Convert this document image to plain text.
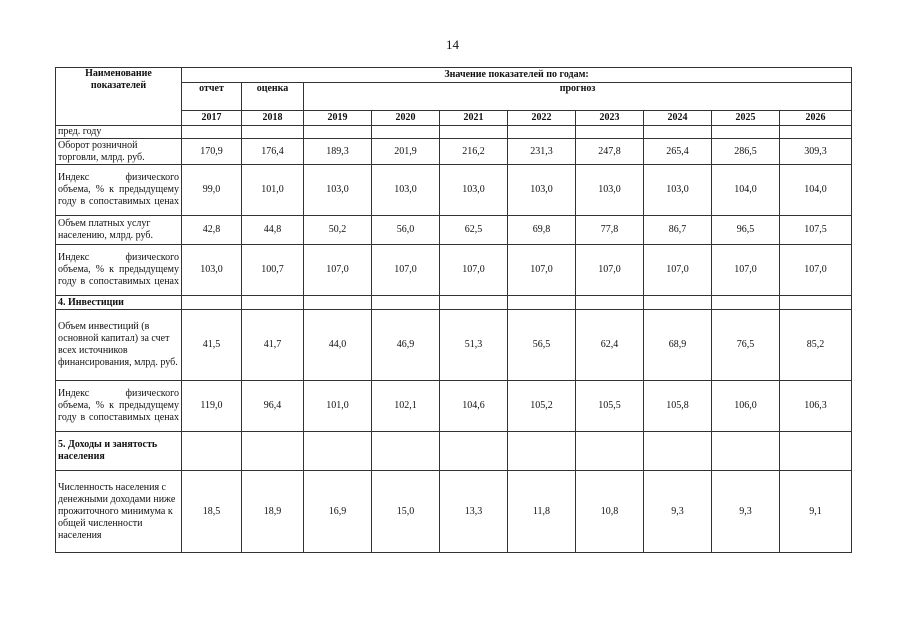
14
Наименование показателей	Значение показателей по годам:									
	отчет	оценка	прогноз							
	2017	2018	2019	2020	2021	2022	2023	2024	2025	2026
пред. году										
Оборот розничной торговли, млрд. руб.	170,9	176,4	189,3	201,9	216,2	231,3	247,8	265,4	286,5	309,3
Индекс физического объема, % к предыдущему году в сопоставимых ценах	99,0	101,0	103,0	103,0	103,0	103,0	103,0	103,0	104,0	104,0
Объем платных услуг населению, млрд. руб.	42,8	44,8	50,2	56,0	62,5	69,8	77,8	86,7	96,5	107,5
Индекс физического объема, % к предыдущему году в сопоставимых ценах	103,0	100,7	107,0	107,0	107,0	107,0	107,0	107,0	107,0	107,0
4. Инвестиции										
Объем инвестиций (в основной капитал) за счет всех источников финансирования, млрд. руб.	41,5	41,7	44,0	46,9	51,3	56,5	62,4	68,9	76,5	85,2
Индекс физического объема, % к предыдущему году в сопоставимых ценах	119,0	96,4	101,0	102,1	104,6	105,2	105,5	105,8	106,0	106,3
5. Доходы и занятость населения										
Численность населения с денежными доходами ниже прожиточного минимума к общей численности населения	18,5	18,9	16,9	15,0	13,3	11,8	10,8	9,3	9,3	9,1
